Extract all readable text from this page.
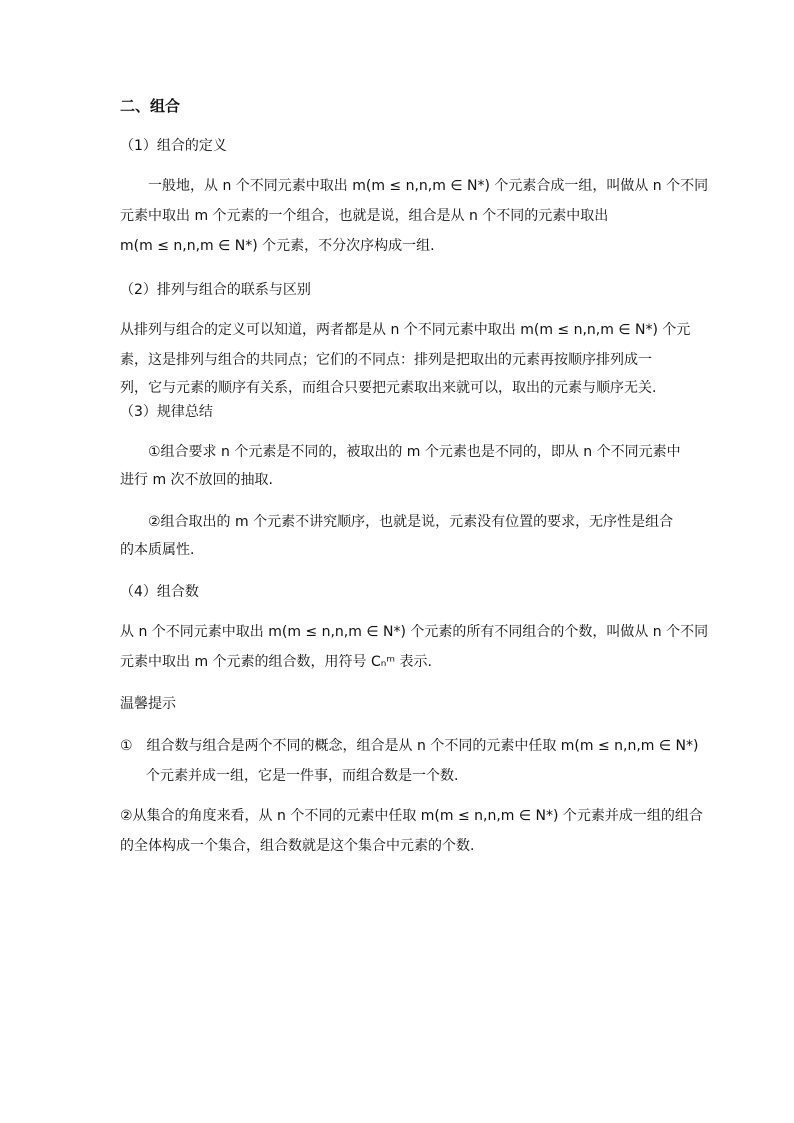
二、组合
（1）组合的定义
一般地，从 n 个不同元素中取出 m(m ≤ n,n,m ∈ N*) 个元素合成一组，叫做从 n 个不同
元素中取出 m 个元素的一个组合，也就是说，组合是从 n 个不同的元素中取出
m(m ≤ n,n,m ∈ N*) 个元素，不分次序构成一组.
（2）排列与组合的联系与区别
从排列与组合的定义可以知道，两者都是从 n 个不同元素中取出 m(m ≤ n,n,m ∈ N*) 个元
素，这是排列与组合的共同点；它们的不同点：排列是把取出的元素再按顺序排列成一
列，它与元素的顺序有关系，而组合只要把元素取出来就可以，取出的元素与顺序无关.
（3）规律总结
①组合要求 n 个元素是不同的，被取出的 m 个元素也是不同的，即从 n 个不同元素中
进行 m 次不放回的抽取.
②组合取出的 m 个元素不讲究顺序，也就是说，元素没有位置的要求，无序性是组合
的本质属性.
（4）组合数
从 n 个不同元素中取出 m(m ≤ n,n,m ∈ N*) 个元素的所有不同组合的个数，叫做从 n 个不同
元素中取出 m 个元素的组合数，用符号 Cₙᵐ 表示.
温馨提示
①　组合数与组合是两个不同的概念，组合是从 n 个不同的元素中任取 m(m ≤ n,n,m ∈ N*)
个元素并成一组，它是一件事，而组合数是一个数.
②从集合的角度来看，从 n 个不同的元素中任取 m(m ≤ n,n,m ∈ N*) 个元素并成一组的组合
的全体构成一个集合，组合数就是这个集合中元素的个数.
